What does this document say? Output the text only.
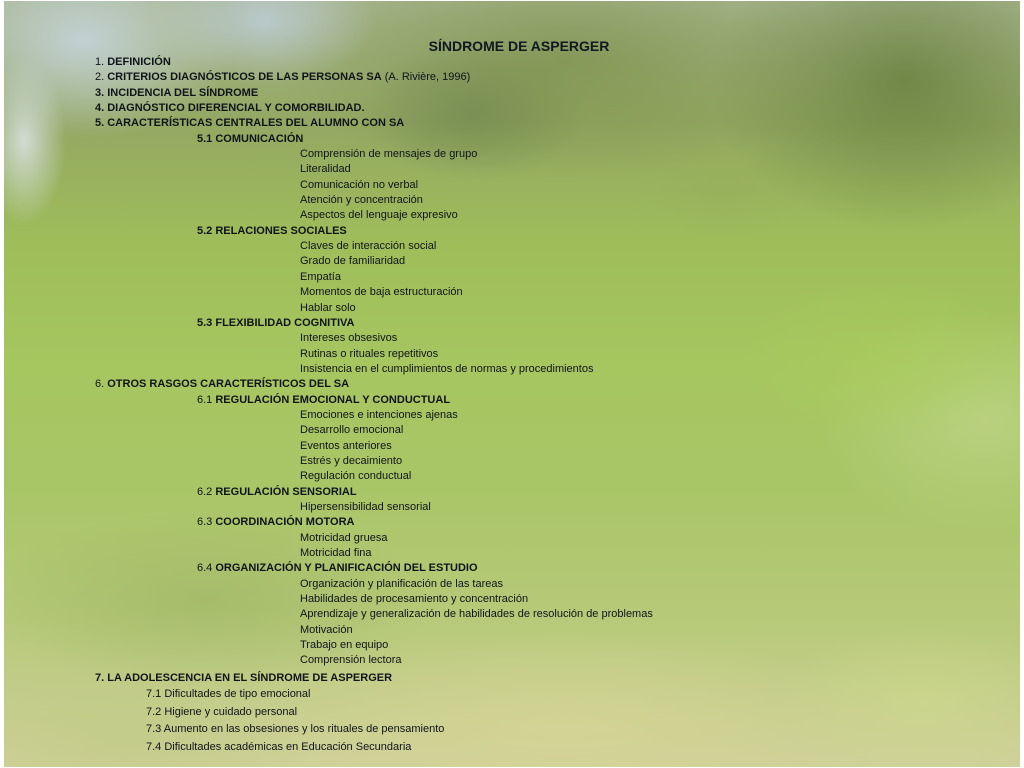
SÍNDROME DE ASPERGER
1. DEFINICIÓN
2. CRITERIOS DIAGNÓSTICOS DE LAS PERSONAS SA (A. Rivière, 1996)
3. INCIDENCIA DEL SÍNDROME
4. DIAGNÓSTICO DIFERENCIAL Y COMORBILIDAD.
5. CARACTERÍSTICAS CENTRALES DEL ALUMNO CON SA
5.1 COMUNICACIÓN
Comprensión de mensajes de grupo
Literalidad
Comunicación no verbal
Atención y concentración
Aspectos del lenguaje expresivo
5.2 RELACIONES SOCIALES
Claves de interacción social
Grado de familiaridad
Empatía
Momentos de baja estructuración
Hablar solo
5.3 FLEXIBILIDAD COGNITIVA
Intereses obsesivos
Rutinas o rituales repetitivos
Insistencia en el cumplimientos de normas y procedimientos
6. OTROS RASGOS CARACTERÍSTICOS DEL SA
6.1 REGULACIÓN EMOCIONAL Y CONDUCTUAL
Emociones e intenciones ajenas
Desarrollo emocional
Eventos anteriores
Estrés y decaimiento
Regulación conductual
6.2 REGULACIÓN SENSORIAL
Hipersensibilidad sensorial
6.3 COORDINACIÓN MOTORA
Motricidad gruesa
Motricidad fina
6.4 ORGANIZACIÓN Y PLANIFICACIÓN DEL ESTUDIO
Organización y planificación de las tareas
Habilidades de procesamiento y concentración
Aprendizaje y generalización de habilidades de resolución de problemas
Motivación
Trabajo en equipo
Comprensión lectora
7. LA ADOLESCENCIA EN EL SÍNDROME DE ASPERGER
7.1 Dificultades de tipo emocional
7.2 Higiene y cuidado personal
7.3 Aumento en las obsesiones y los rituales de pensamiento
7.4 Dificultades académicas en Educación Secundaria
